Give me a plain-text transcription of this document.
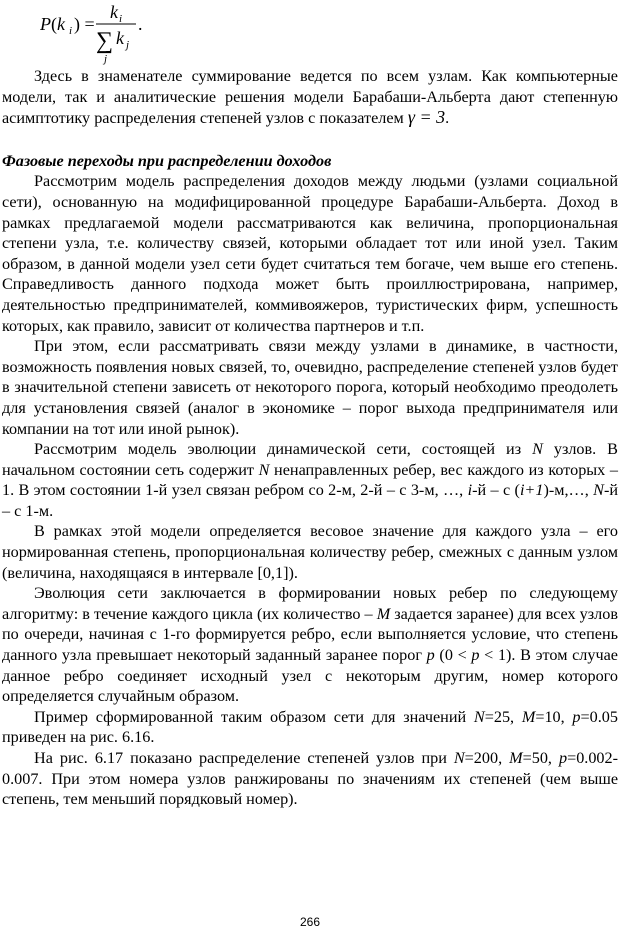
P(k i ) =
k i
∑
j
k j
.

Здесь в знаменателе суммирование ведется по всем узлам. Как компьютерные модели, так и аналитические решения модели Барабаши-Альберта дают степенную асимптотику распределения степеней узлов с показателем γ = 3.

Фазовые переходы при распределении доходов

Рассмотрим модель распределения доходов между людьми (узлами социальной сети), основанную на модифицированной процедуре Барабаши-Альберта. Доход в рамках предлагаемой модели рассматриваются как величина, пропорциональная степени узла, т.е. количеству связей, которыми обладает тот или иной узел. Таким образом, в данной модели узел сети будет считаться тем богаче, чем выше его степень. Справедливость данного подхода может быть проиллюстрирована, например, деятельностью предпринимателей, коммивояжеров, туристических фирм, успешность которых, как правило, зависит от количества партнеров и т.п.

При этом, если рассматривать связи между узлами в динамике, в частности, возможность появления новых связей, то, очевидно, распределение степеней узлов будет в значительной степени зависеть от некоторого порога, который необходимо преодолеть для установления связей (аналог в экономике – порог выхода предпринимателя или компании на тот или иной рынок).

Рассмотрим модель эволюции динамической сети, состоящей из N узлов. В начальном состоянии сеть содержит N ненаправленных ребер, вес каждого из которых – 1. В этом состоянии 1-й узел связан ребром со 2-м, 2-й – с 3-м, …, i-й – с (i+1)-м,…, N-й – с 1-м.

В рамках этой модели определяется весовое значение для каждого узла – его нормированная степень, пропорциональная количеству ребер, смежных с данным узлом (величина, находящаяся в интервале [0,1]).

Эволюция сети заключается в формировании новых ребер по следующему алгоритму: в течение каждого цикла (их количество – M задается заранее) для всех узлов по очереди, начиная с 1-го формируется ребро, если выполняется условие, что степень данного узла превышает некоторый заданный заранее порог p (0 < p < 1). В этом случае данное ребро соединяет исходный узел с некоторым другим, номер которого определяется случайным образом.

Пример сформированной таким образом сети для значений N=25, M=10, p=0.05 приведен на рис. 6.16.

На рис. 6.17 показано распределение степеней узлов при N=200, M=50, p=0.002-0.007. При этом номера узлов ранжированы по значениям их степеней (чем выше степень, тем меньший порядковый номер).

266
